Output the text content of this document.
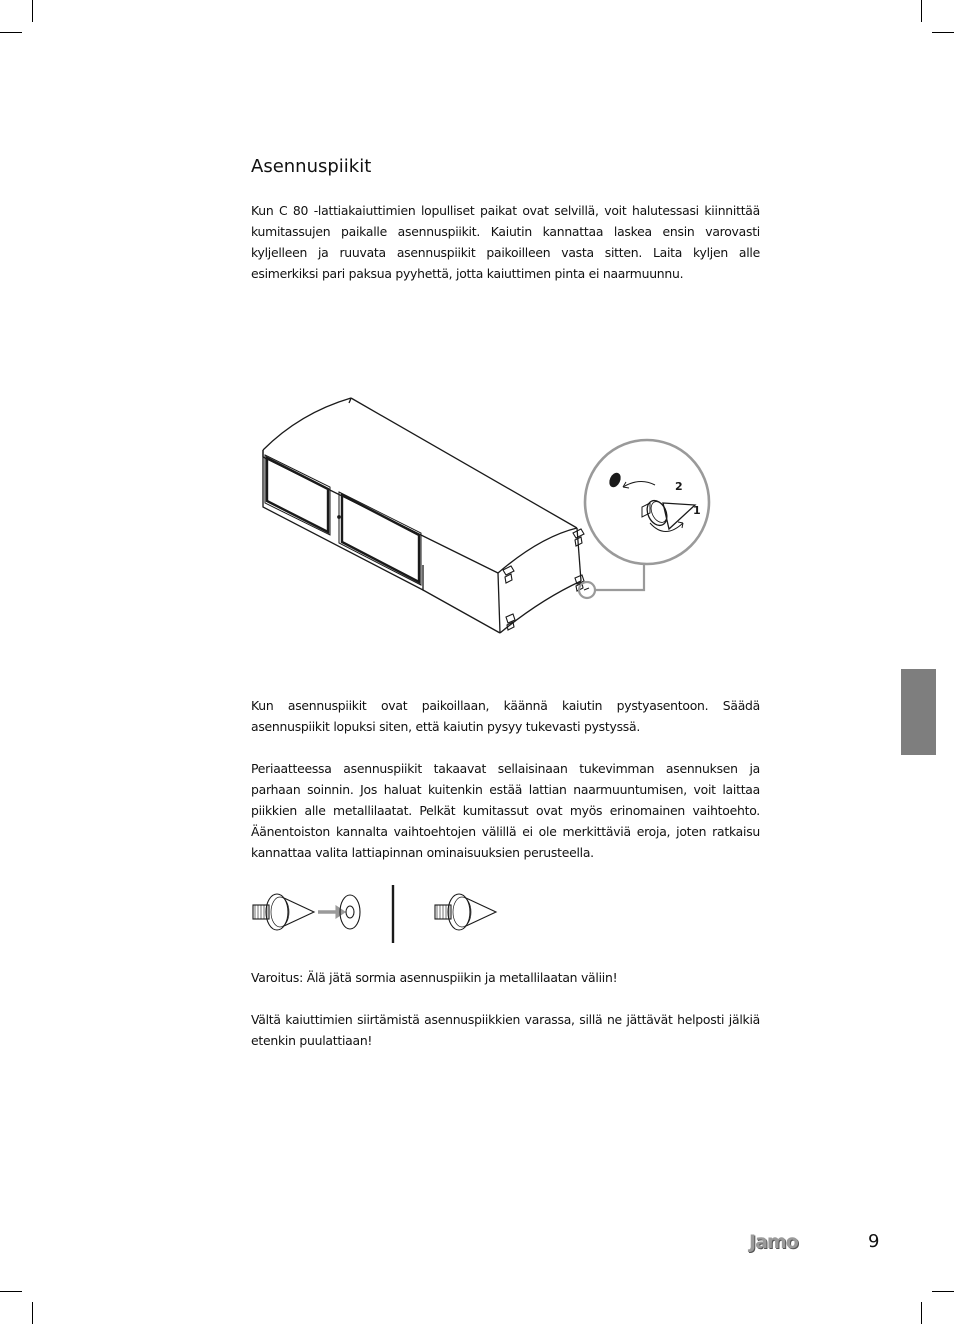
Asennuspiikit

Kun C 80 -lattiakaiuttimien lopulliset paikat ovat selvillä, voit halutessasi kiinnittää kumitassujen paikalle asennuspiikit. Kaiutin kannattaa laskea ensin varovasti kyljelleen ja ruuvata asennuspiikit paikoilleen vasta sitten. Laita kyljen alle esimerkiksi pari paksua pyyhettä, jotta kaiuttimen pinta ei naarmuunnu.

2
1

Kun asennuspiikit ovat paikoillaan, käännä kaiutin pystyasentoon. Säädä asennuspiikit lopuksi siten, että kaiutin pysyy tukevasti pystyssä.

Periaatteessa asennuspiikit takaavat sellaisinaan tukevimman asennuksen ja parhaan soinnin. Jos haluat kuitenkin estää lattian naarmuuntumisen, voit laittaa piikkien alle metallilaatat. Pelkät kumitassut ovat myös erinomainen vaihtoehto. Äänentoiston kannalta vaihtoehtojen välillä ei ole merkittäviä eroja, joten ratkaisu kannattaa valita lattiapinnan ominaisuuksien perusteella.

Varoitus: Älä jätä sormia asennuspiikin ja metallilaatan väliin!

Vältä kaiuttimien siirtämistä asennuspiikkien varassa, sillä ne jättävät helposti jälkiä etenkin puulattiaan!

Jamo	9
